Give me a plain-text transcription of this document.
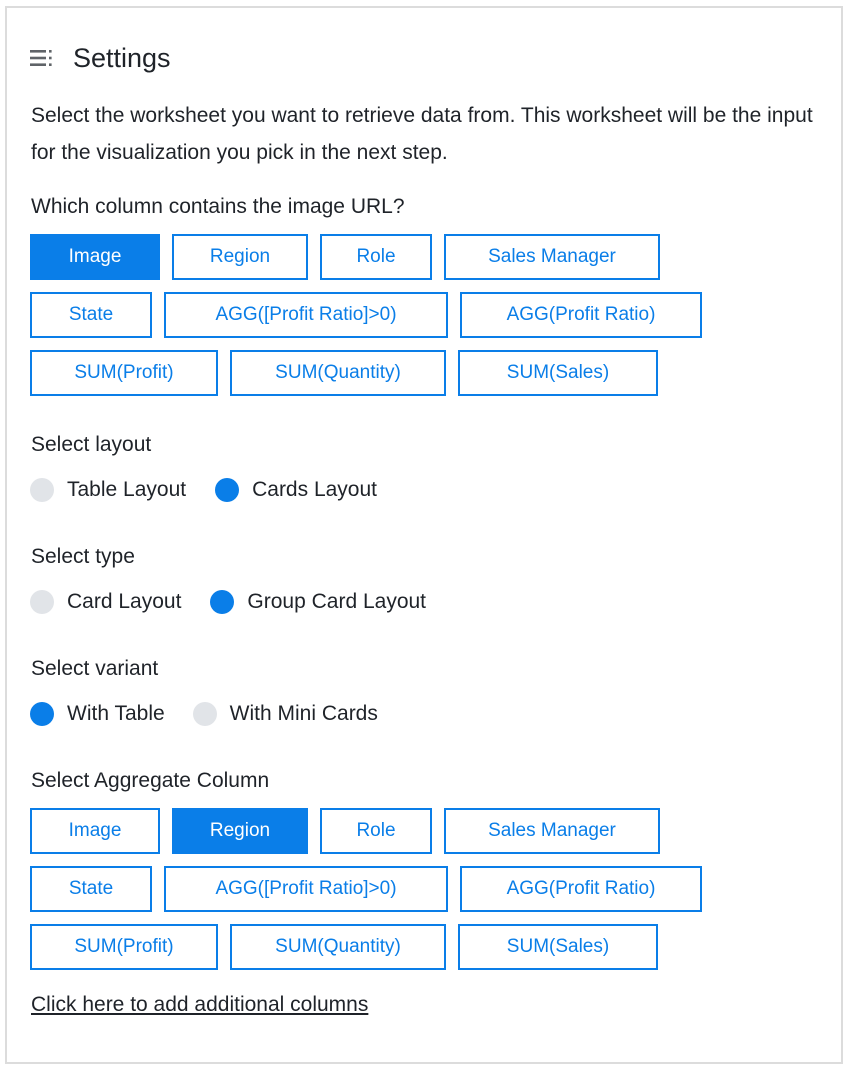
Settings
Select the worksheet you want to retrieve data from. This worksheet will be the input for the visualization you pick in the next step.
Which column contains the image URL?
Image	Region	Role	Sales Manager
State	AGG([Profit Ratio]>0)	AGG(Profit Ratio)
SUM(Profit)	SUM(Quantity)	SUM(Sales)
Select layout
Table Layout	Cards Layout
Select type
Card Layout	Group Card Layout
Select variant
With Table	With Mini Cards
Select Aggregate Column
Image	Region	Role	Sales Manager
State	AGG([Profit Ratio]>0)	AGG(Profit Ratio)
SUM(Profit)	SUM(Quantity)	SUM(Sales)
Click here to add additional columns
